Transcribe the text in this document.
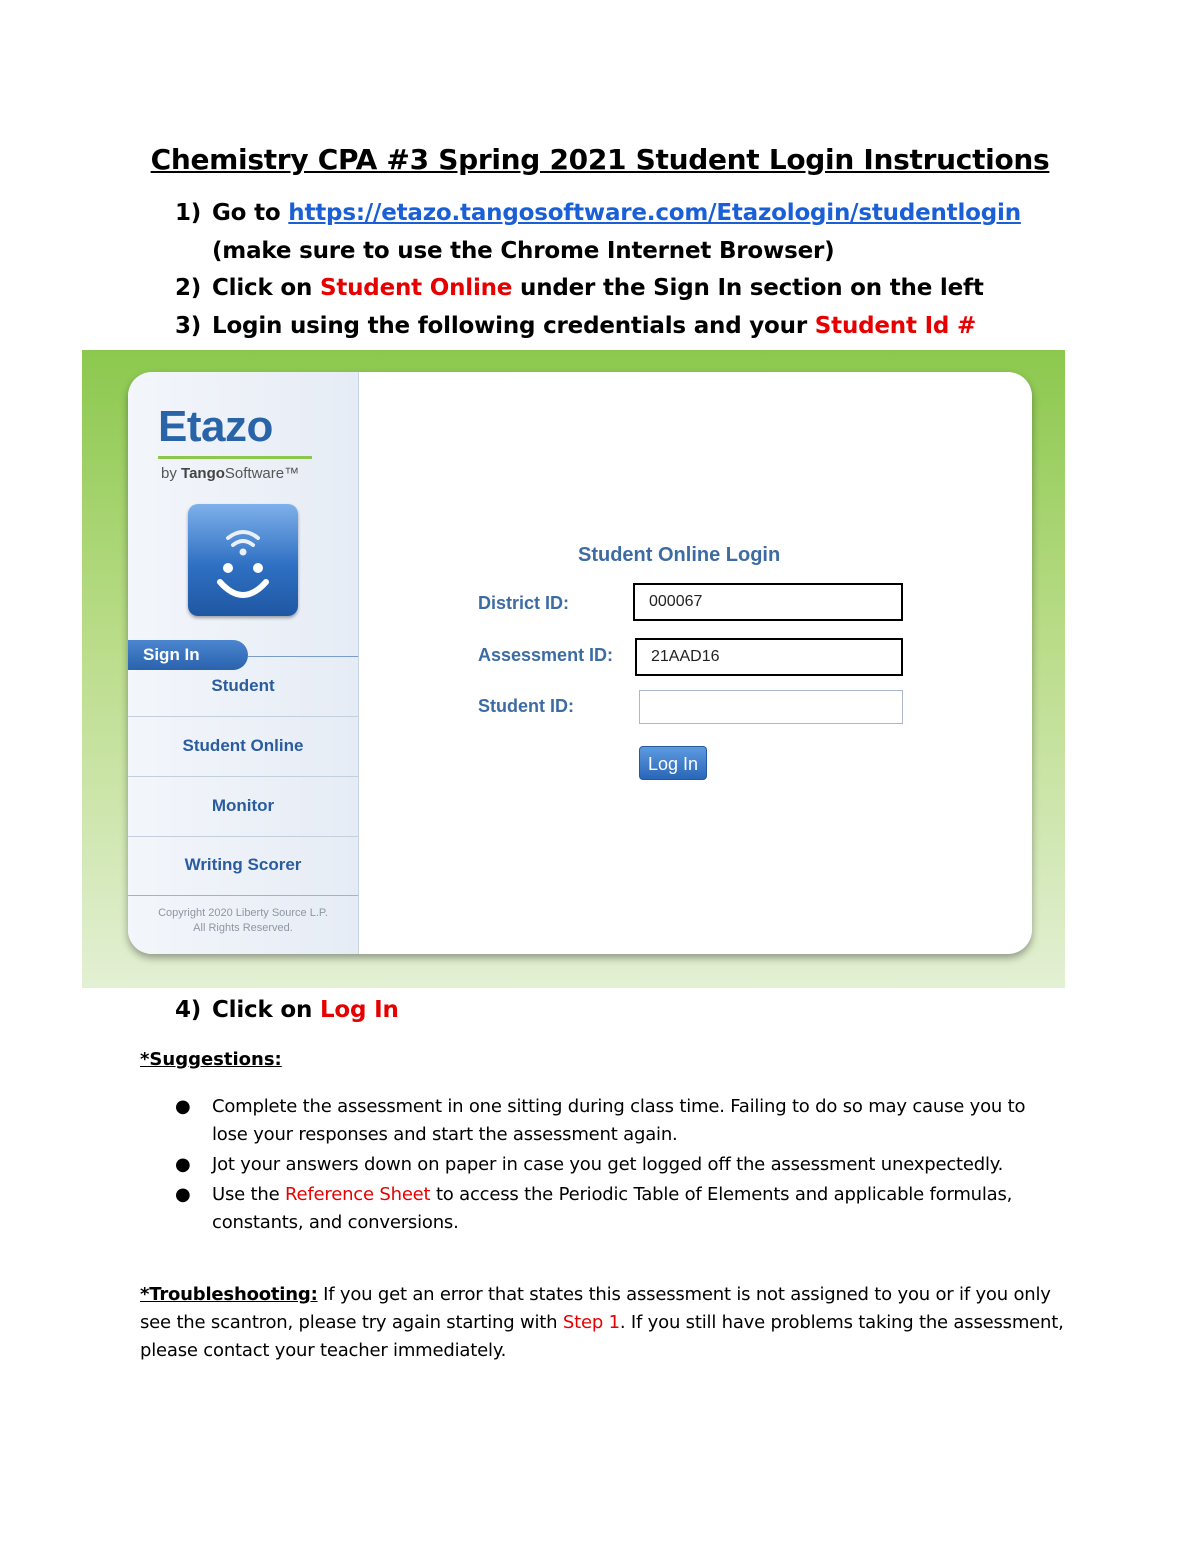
Chemistry CPA #3 Spring 2021 Student Login Instructions
1) Go to https://etazo.tangosoftware.com/Etazologin/studentlogin
(make sure to use the Chrome Internet Browser)
2) Click on Student Online under the Sign In section on the left
3) Login using the following credentials and your Student Id #
Etazo
by TangoSoftware™
Sign In
Student
Student Online
Monitor
Writing Scorer
Copyright 2020 Liberty Source L.P.
All Rights Reserved.
Student Online Login
District ID:	000067
Assessment ID:	21AAD16
Student ID:
Log In
4) Click on Log In
*Suggestions:
● Complete the assessment in one sitting during class time. Failing to do so may cause you to lose your responses and start the assessment again.
● Jot your answers down on paper in case you get logged off the assessment unexpectedly.
● Use the Reference Sheet to access the Periodic Table of Elements and applicable formulas, constants, and conversions.
*Troubleshooting: If you get an error that states this assessment is not assigned to you or if you only see the scantron, please try again starting with Step 1. If you still have problems taking the assessment, please contact your teacher immediately.
